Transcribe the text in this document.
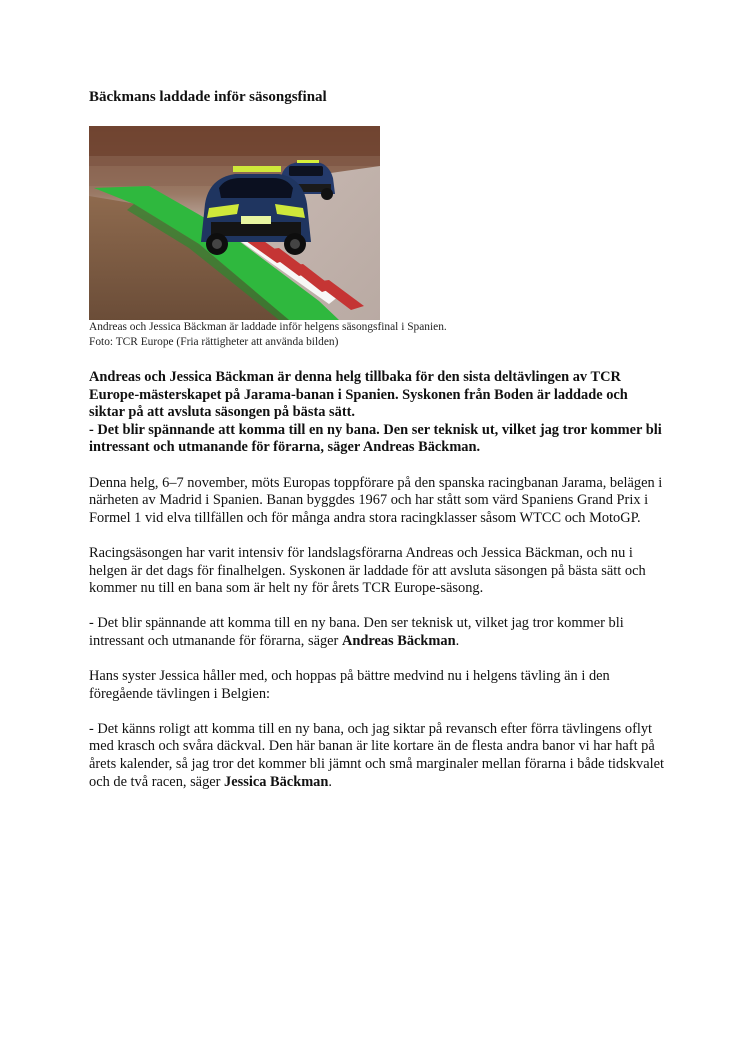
Bäckmans laddade inför säsongsfinal
Andreas och Jessica Bäckman är laddade inför helgens säsongsfinal i Spanien.
Foto: TCR Europe (Fria rättigheter att använda bilden)

Andreas och Jessica Bäckman är denna helg tillbaka för den sista deltävlingen av TCR Europe-mästerskapet på Jarama-banan i Spanien. Syskonen från Boden är laddade och siktar på att avsluta säsongen på bästa sätt.
- Det blir spännande att komma till en ny bana. Den ser teknisk ut, vilket jag tror kommer bli intressant och utmanande för förarna, säger Andreas Bäckman.

Denna helg, 6–7 november, möts Europas toppförare på den spanska racingbanan Jarama, belägen i närheten av Madrid i Spanien. Banan byggdes 1967 och har stått som värd Spaniens Grand Prix i Formel 1 vid elva tillfällen och för många andra stora racingklasser såsom WTCC och MotoGP.

Racingsäsongen har varit intensiv för landslagsförarna Andreas och Jessica Bäckman, och nu i helgen är det dags för finalhelgen. Syskonen är laddade för att avsluta säsongen på bästa sätt och kommer nu till en bana som är helt ny för årets TCR Europe-säsong.

- Det blir spännande att komma till en ny bana. Den ser teknisk ut, vilket jag tror kommer bli intressant och utmanande för förarna, säger Andreas Bäckman.

Hans syster Jessica håller med, och hoppas på bättre medvind nu i helgens tävling än i den föregående tävlingen i Belgien:

- Det känns roligt att komma till en ny bana, och jag siktar på revansch efter förra tävlingens oflyt med krasch och svåra däckval. Den här banan är lite kortare än de flesta andra banor vi har haft på årets kalender, så jag tror det kommer bli jämnt och små marginaler mellan förarna i både tidskvalet och de två racen, säger Jessica Bäckman.
